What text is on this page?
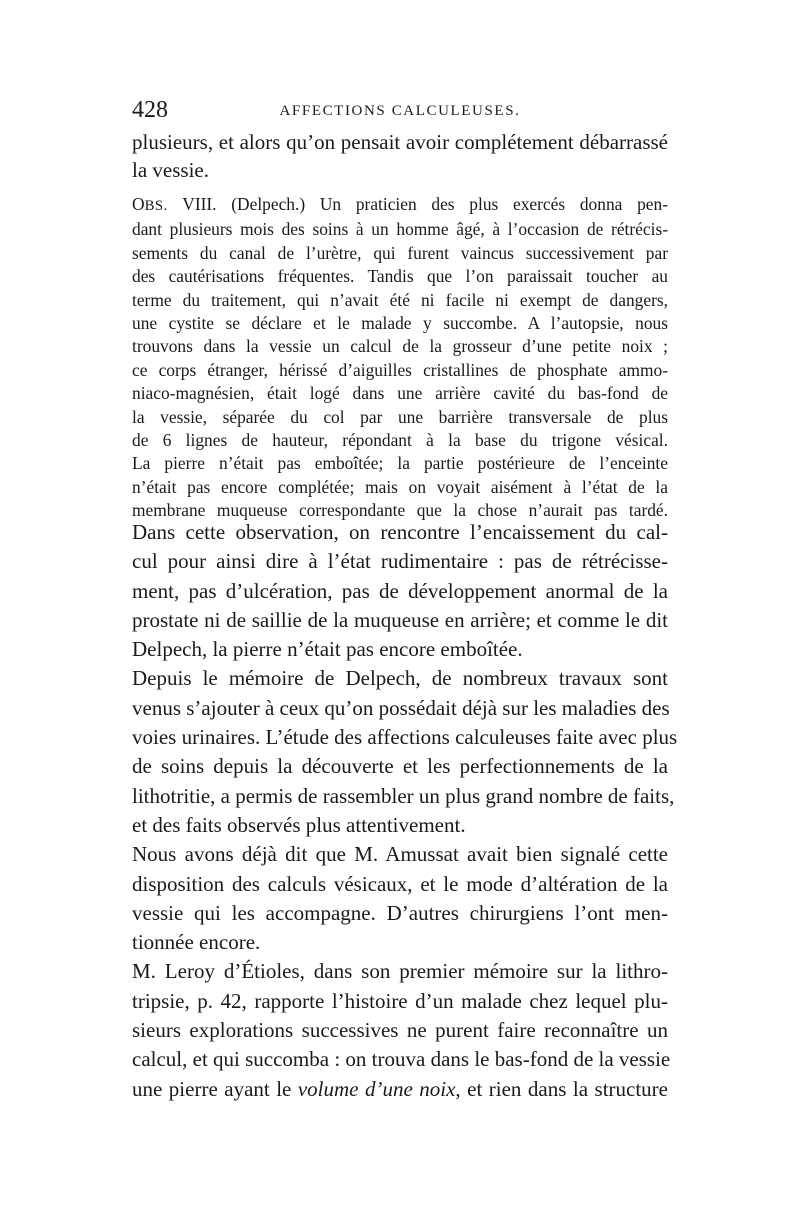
428	AFFECTIONS CALCULEUSES.
plusieurs, et alors qu’on pensait avoir complétement débarrassé
la vessie.
OBS. VIII. (Delpech.) Un praticien des plus exercés donna pen-
dant plusieurs mois des soins à un homme âgé, à l’occasion de rétrécis-
sements du canal de l’urètre, qui furent vaincus successivement par
des cautérisations fréquentes. Tandis que l’on paraissait toucher au
terme du traitement, qui n’avait été ni facile ni exempt de dangers,
une cystite se déclare et le malade y succombe. A l’autopsie, nous
trouvons dans la vessie un calcul de la grosseur d’une petite noix ;
ce corps étranger, hérissé d’aiguilles cristallines de phosphate ammo-
niaco-magnésien, était logé dans une arrière cavité du bas-fond de
la vessie, séparée du col par une barrière transversale de plus
de 6 lignes de hauteur, répondant à la base du trigone vésical.
La pierre n’était pas emboîtée; la partie postérieure de l’enceinte
n’était pas encore complétée; mais on voyait aisément à l’état de la
membrane muqueuse correspondante que la chose n’aurait pas tardé.
Dans cette observation, on rencontre l’encaissement du cal-
cul pour ainsi dire à l’état rudimentaire : pas de rétrécisse-
ment, pas d’ulcération, pas de développement anormal de la
prostate ni de saillie de la muqueuse en arrière; et comme le dit
Delpech, la pierre n’était pas encore emboîtée.
Depuis le mémoire de Delpech, de nombreux travaux sont
venus s’ajouter à ceux qu’on possédait déjà sur les maladies des
voies urinaires. L’étude des affections calculeuses faite avec plus
de soins depuis la découverte et les perfectionnements de la
lithotritie, a permis de rassembler un plus grand nombre de faits,
et des faits observés plus attentivement.
Nous avons déjà dit que M. Amussat avait bien signalé cette
disposition des calculs vésicaux, et le mode d’altération de la
vessie qui les accompagne. D’autres chirurgiens l’ont men-
tionnée encore.
M. Leroy d’Étioles, dans son premier mémoire sur la lithro-
tripsie, p. 42, rapporte l’histoire d’un malade chez lequel plu-
sieurs explorations successives ne purent faire reconnaître un
calcul, et qui succomba : on trouva dans le bas-fond de la vessie
une pierre ayant le volume d’une noix, et rien dans la structure
